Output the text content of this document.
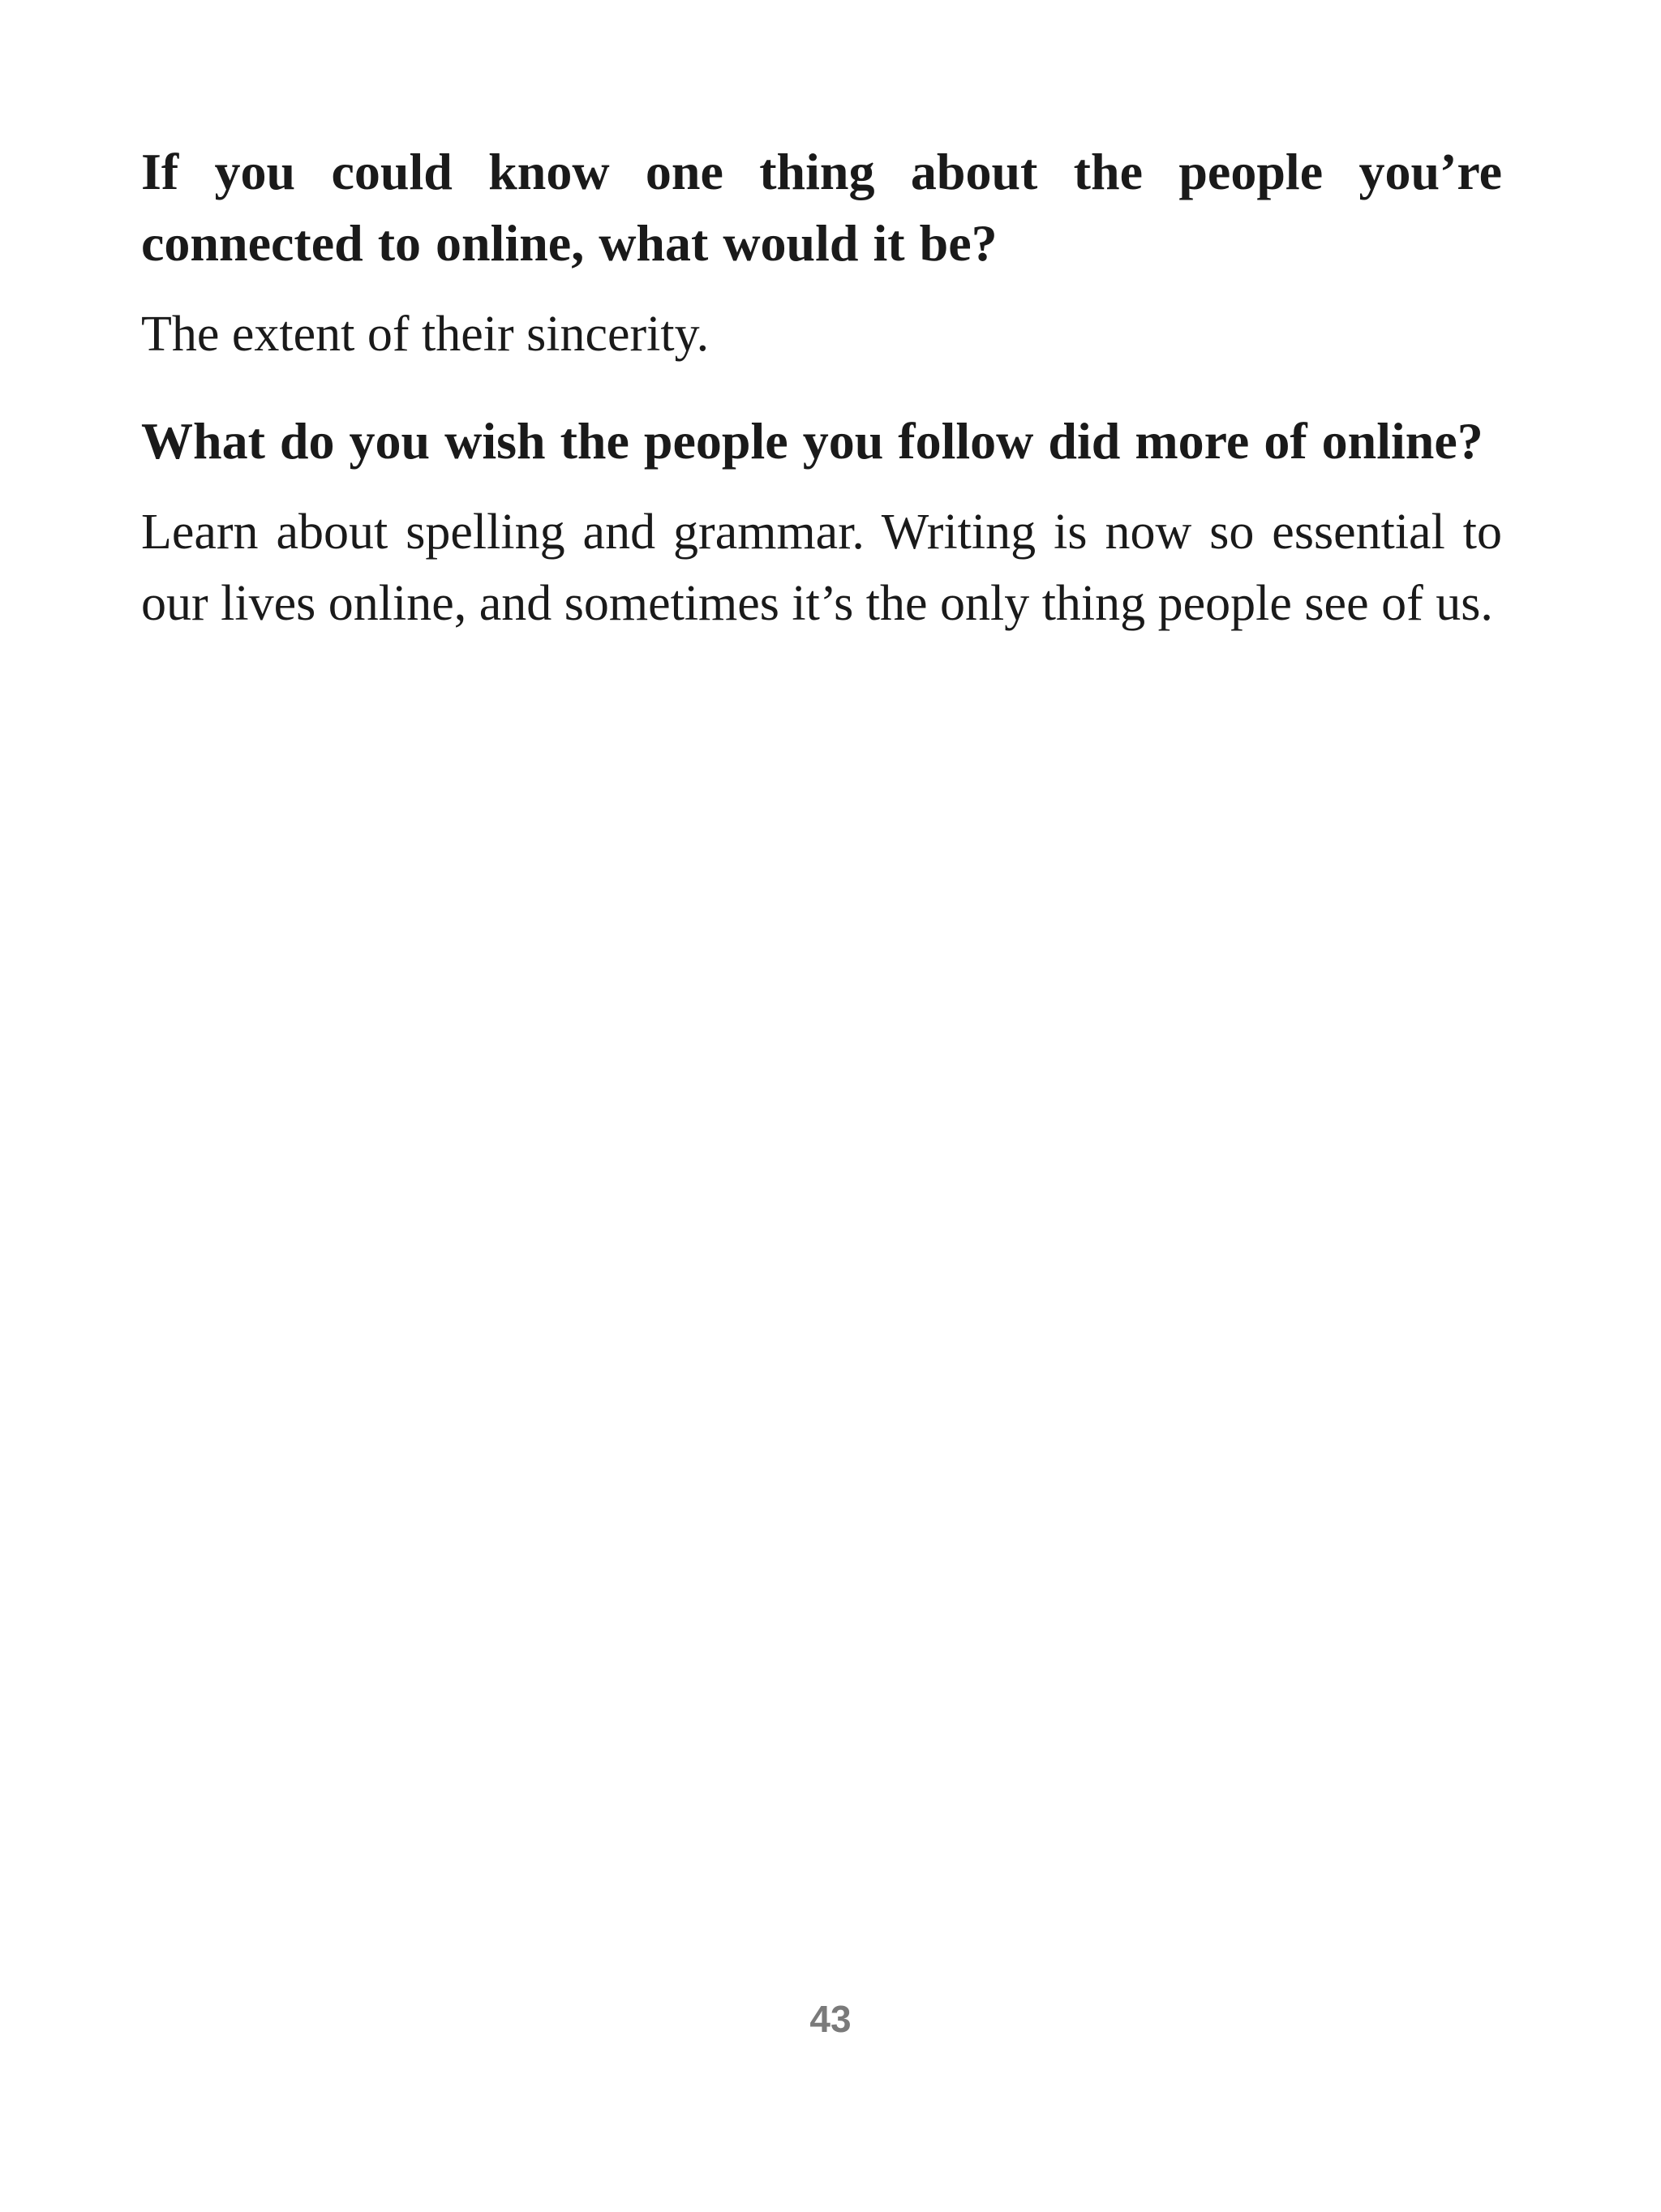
If you could know one thing about the people you’re connected to online, what would it be?

The extent of their sincerity.

What do you wish the people you follow did more of online?

Learn about spelling and grammar. Writing is now so essential to our lives online, and sometimes it’s the only thing people see of us.

43
